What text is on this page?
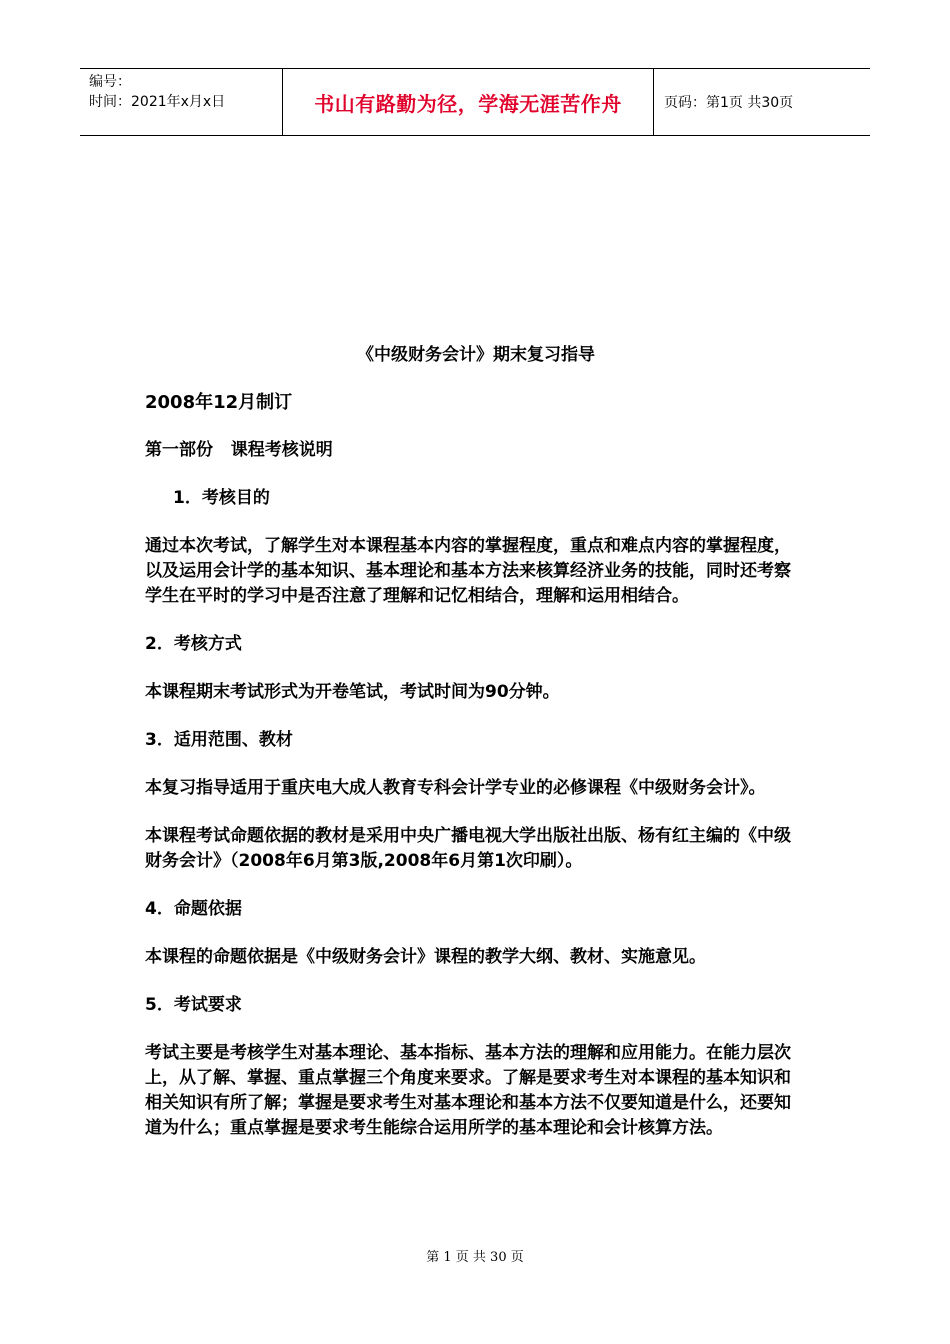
编号：
时间：2021年x月x日	书山有路勤为径，学海无涯苦作舟	页码：第1页 共30页

《中级财务会计》期末复习指导

2008年12月制订

第一部份   课程考核说明

1．考核目的

通过本次考试，了解学生对本课程基本内容的掌握程度，重点和难点内容的掌握程度，以及运用会计学的基本知识、基本理论和基本方法来核算经济业务的技能，同时还考察学生在平时的学习中是否注意了理解和记忆相结合，理解和运用相结合。

2．考核方式

本课程期末考试形式为开卷笔试，考试时间为90分钟。

3．适用范围、教材

本复习指导适用于重庆电大成人教育专科会计学专业的必修课程《中级财务会计》。

本课程考试命题依据的教材是采用中央广播电视大学出版社出版、杨有红主编的《中级财务会计》（2008年6月第3版,2008年6月第1次印刷）。

4．命题依据

本课程的命题依据是《中级财务会计》课程的教学大纲、教材、实施意见。

5．考试要求

考试主要是考核学生对基本理论、基本指标、基本方法的理解和应用能力。在能力层次上，从了解、掌握、重点掌握三个角度来要求。了解是要求考生对本课程的基本知识和相关知识有所了解；掌握是要求考生对基本理论和基本方法不仅要知道是什么，还要知道为什么；重点掌握是要求考生能综合运用所学的基本理论和会计核算方法。

第 1 页 共 30 页
